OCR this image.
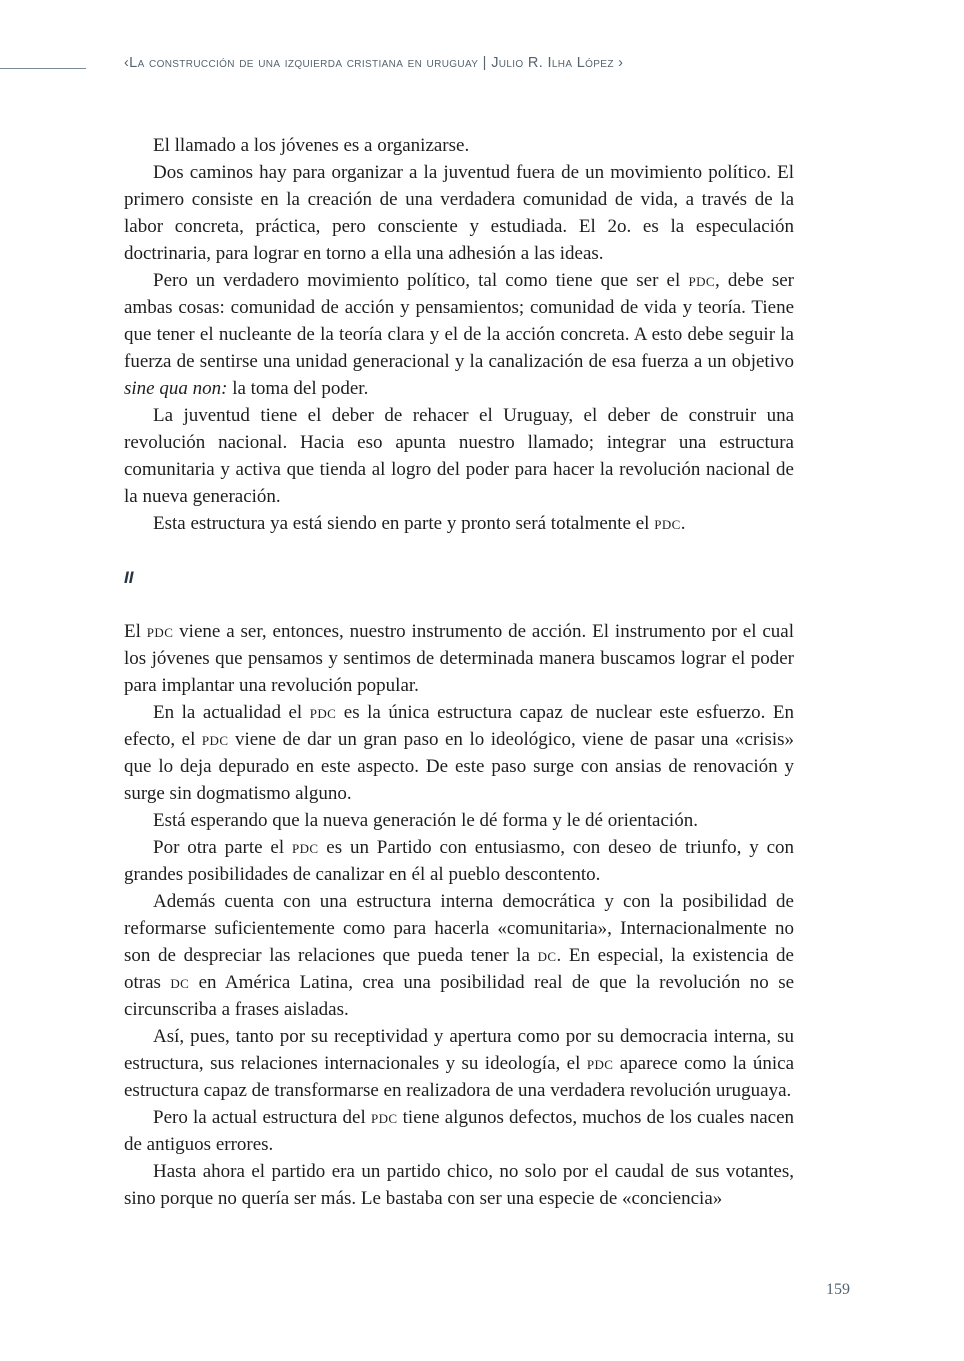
‹La construcción de una izquierda cristiana en uruguay | Julio R. Ilha López ›

El llamado a los jóvenes es a organizarse.

Dos caminos hay para organizar a la juventud fuera de un movimiento político. El primero consiste en la creación de una verdadera comunidad de vida, a través de la labor concreta, práctica, pero consciente y estudiada. El 2o. es la especulación doctrinaria, para lograr en torno a ella una adhesión a las ideas.

Pero un verdadero movimiento político, tal como tiene que ser el pdc, debe ser ambas cosas: comunidad de acción y pensamientos; comunidad de vida y teoría. Tiene que tener el nucleante de la teoría clara y el de la acción concreta. A esto debe seguir la fuerza de sentirse una unidad generacional y la canalización de esa fuerza a un objetivo sine qua non: la toma del poder.

La juventud tiene el deber de rehacer el Uruguay, el deber de construir una revolución nacional. Hacia eso apunta nuestro llamado; integrar una estructura comunitaria y activa que tienda al logro del poder para hacer la revolución nacional de la nueva generación.

Esta estructura ya está siendo en parte y pronto será totalmente el pdc.

II

El pdc viene a ser, entonces, nuestro instrumento de acción. El instrumento por el cual los jóvenes que pensamos y sentimos de determinada manera buscamos lograr el poder para implantar una revolución popular.

En la actualidad el pdc es la única estructura capaz de nuclear este esfuerzo. En efecto, el pdc viene de dar un gran paso en lo ideológico, viene de pasar una «crisis» que lo deja depurado en este aspecto. De este paso surge con ansias de renovación y surge sin dogmatismo alguno.

Está esperando que la nueva generación le dé forma y le dé orientación.

Por otra parte el pdc es un Partido con entusiasmo, con deseo de triunfo, y con grandes posibilidades de canalizar en él al pueblo descontento.

Además cuenta con una estructura interna democrática y con la posibilidad de reformarse suficientemente como para hacerla «comunitaria», Internacionalmente no son de despreciar las relaciones que pueda tener la dc. En especial, la existencia de otras dc en América Latina, crea una posibilidad real de que la revolución no se circunscriba a frases aisladas.

Así, pues, tanto por su receptividad y apertura como por su democracia interna, su estructura, sus relaciones internacionales y su ideología, el pdc aparece como la única estructura capaz de transformarse en realizadora de una verdadera revolución uruguaya.

Pero la actual estructura del pdc tiene algunos defectos, muchos de los cuales nacen de antiguos errores.

Hasta ahora el partido era un partido chico, no solo por el caudal de sus votantes, sino porque no quería ser más. Le bastaba con ser una especie de «conciencia»

159
